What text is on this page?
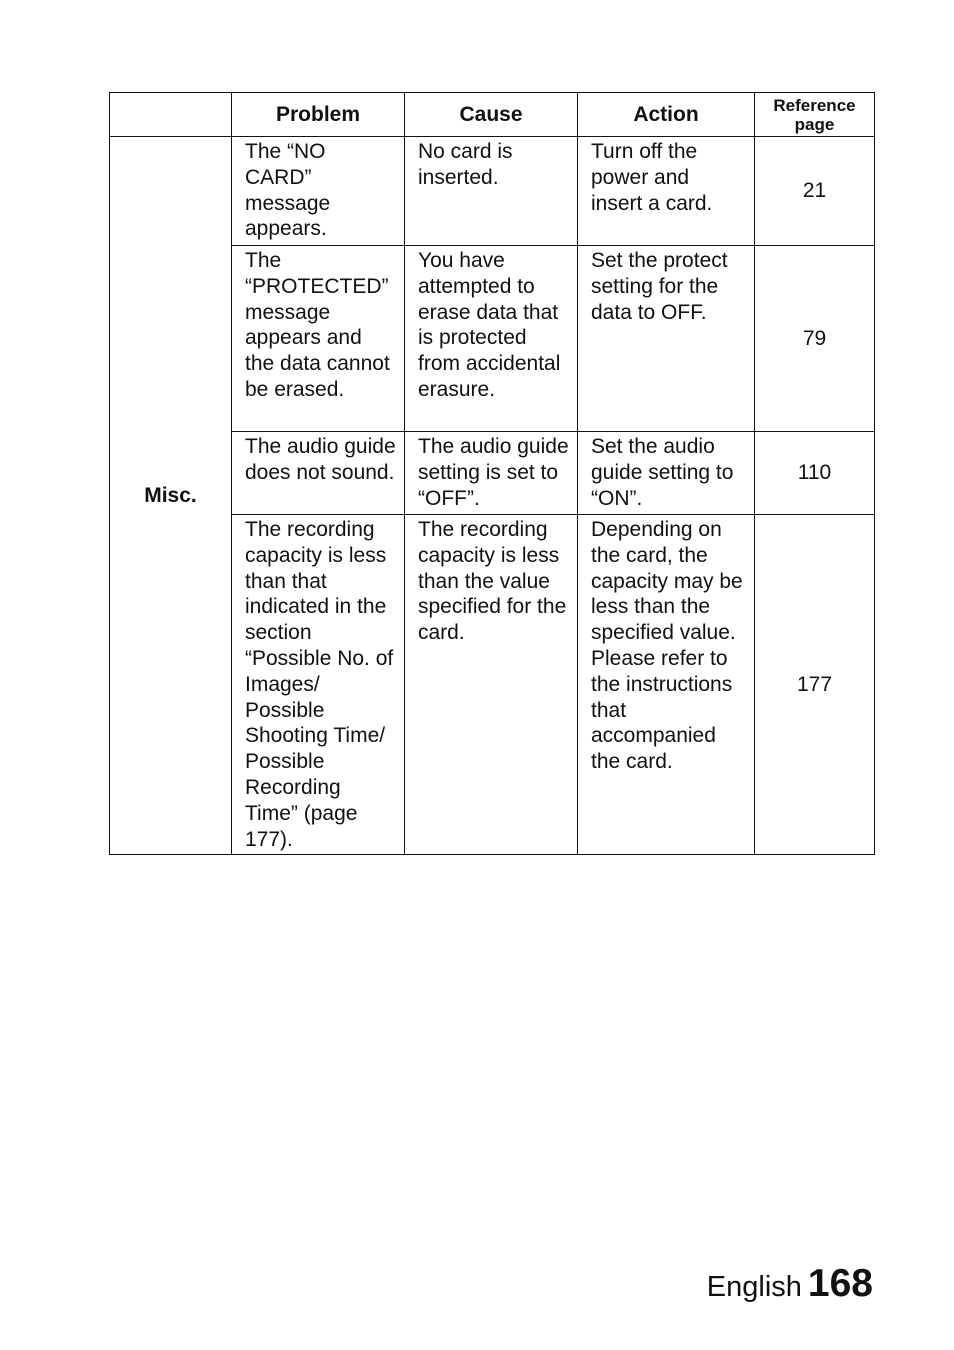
	Problem	Cause	Action	Reference page
Misc.	The “NO CARD” message appears.	No card is inserted.	Turn off the power and insert a card.	21
	The “PROTECTED” message appears and the data cannot be erased.	You have attempted to erase data that is protected from accidental erasure.	Set the protect setting for the data to OFF.	79
	The audio guide does not sound.	The audio guide setting is set to “OFF”.	Set the audio guide setting to “ON”.	110
	The recording capacity is less than that indicated in the section “Possible No. of Images/ Possible Shooting Time/ Possible Recording Time” (page 177).	The recording capacity is less than the value specified for the card.	Depending on the card, the capacity may be less than the specified value. Please refer to the instructions that accompanied the card.	177
English 168
